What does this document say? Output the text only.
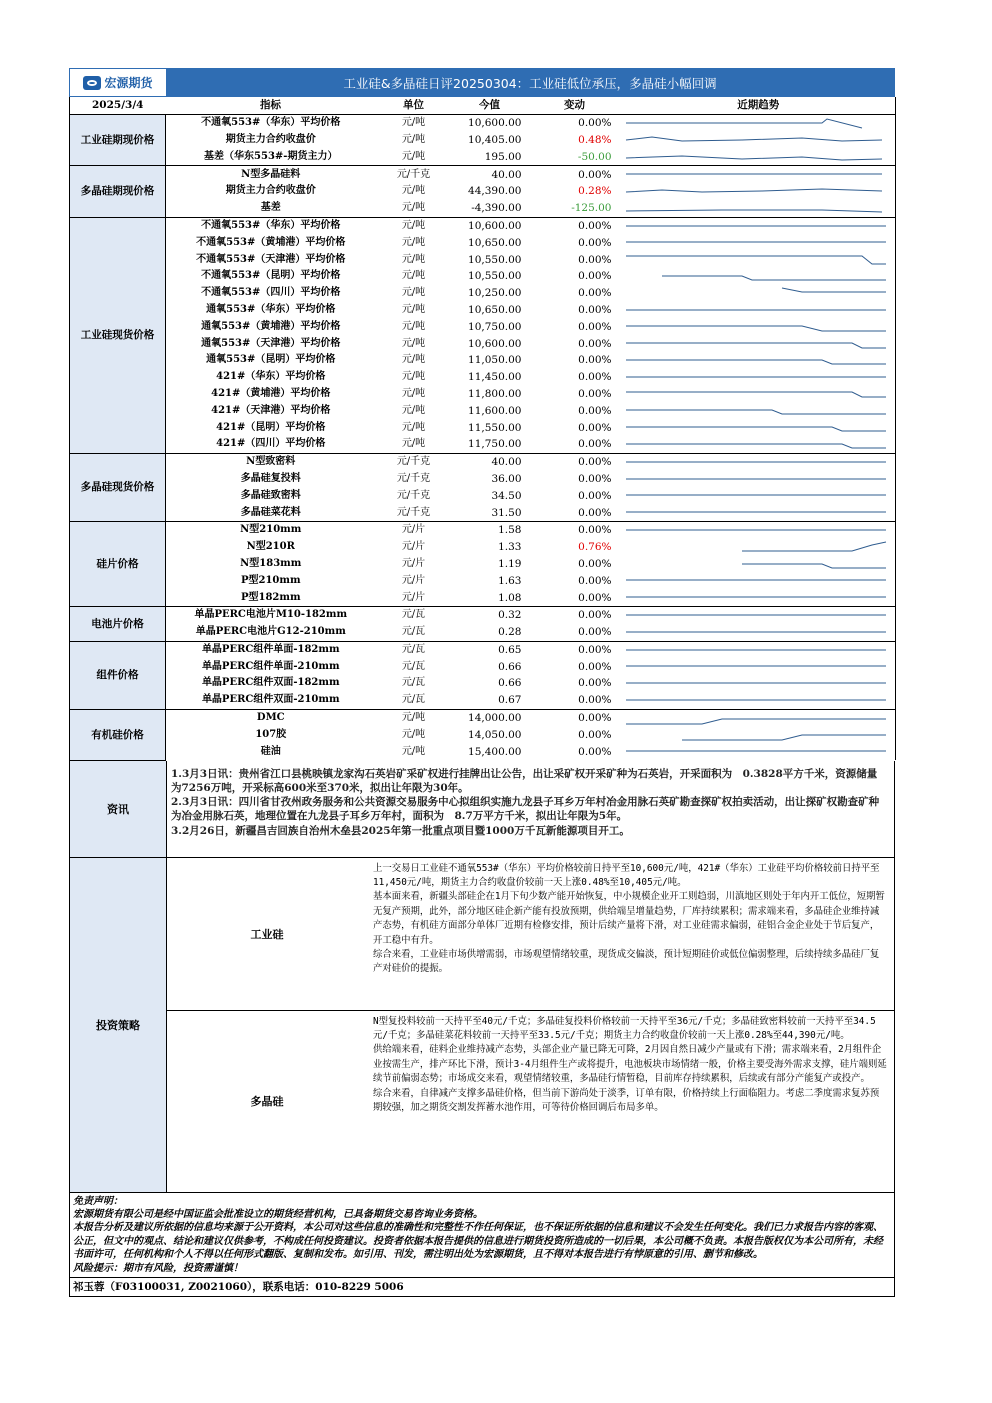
宏源期货	工业硅&多晶硅日评20250304：工业硅低位承压，多晶硅小幅回调
2025/3/4	指标	单位	今值	变动	近期趋势
工业硅期现价格	不通氧553#（华东）平均价格	元/吨	10,600.00	0.00%	

	期货主力合约收盘价	元/吨	10,405.00	0.48%	

	基差（华东553#-期货主力）	元/吨	195.00	-50.00	

多晶硅期现价格	N型多晶硅料	元/千克	40.00	0.00%	

	期货主力合约收盘价	元/吨	44,390.00	0.28%	

	基差	元/吨	-4,390.00	-125.00	

工业硅现货价格	不通氧553#（华东）平均价格	元/吨	10,600.00	0.00%	

	不通氧553#（黄埔港）平均价格	元/吨	10,650.00	0.00%	

	不通氧553#（天津港）平均价格	元/吨	10,550.00	0.00%	

	不通氧553#（昆明）平均价格	元/吨	10,550.00	0.00%	

	不通氧553#（四川）平均价格	元/吨	10,250.00	0.00%	

	通氧553#（华东）平均价格	元/吨	10,650.00	0.00%	

	通氧553#（黄埔港）平均价格	元/吨	10,750.00	0.00%	

	通氧553#（天津港）平均价格	元/吨	10,600.00	0.00%	

	通氧553#（昆明）平均价格	元/吨	11,050.00	0.00%	

	421#（华东）平均价格	元/吨	11,450.00	0.00%	

	421#（黄埔港）平均价格	元/吨	11,800.00	0.00%	

	421#（天津港）平均价格	元/吨	11,600.00	0.00%	

	421#（昆明）平均价格	元/吨	11,550.00	0.00%	

	421#（四川）平均价格	元/吨	11,750.00	0.00%	

多晶硅现货价格	N型致密料	元/千克	40.00	0.00%	

	多晶硅复投料	元/千克	36.00	0.00%	

	多晶硅致密料	元/千克	34.50	0.00%	

	多晶硅菜花料	元/千克	31.50	0.00%	

硅片价格	N型210mm	元/片	1.58	0.00%	

	N型210R	元/片	1.33	0.76%	

	N型183mm	元/片	1.19	0.00%	

	P型210mm	元/片	1.63	0.00%	

	P型182mm	元/片	1.08	0.00%	

电池片价格	单晶PERC电池片M10-182mm	元/瓦	0.32	0.00%	

	单晶PERC电池片G12-210mm	元/瓦	0.28	0.00%	

组件价格	单晶PERC组件单面-182mm	元/瓦	0.65	0.00%	

	单晶PERC组件单面-210mm	元/瓦	0.66	0.00%	

	单晶PERC组件双面-182mm	元/瓦	0.66	0.00%	

	单晶PERC组件双面-210mm	元/瓦	0.67	0.00%	

有机硅价格	DMC	元/吨	14,000.00	0.00%	

	107胶	元/吨	14,050.00	0.00%	

	硅油	元/吨	15,400.00	0.00%	
资讯
1.3月3日讯：贵州省江口县桃映镇龙家沟石英岩矿采矿权进行挂牌出让公告，出让采矿权开采矿种为石英岩，开采面积为　0.3828平方千米，资源储量为7256万吨，开采标高600米至370米，拟出让年限为30年。
2.3月3日讯：四川省甘孜州政务服务和公共资源交易服务中心拟组织实施九龙县子耳乡万年村冶金用脉石英矿勘查探矿权拍卖活动，出让探矿权勘查矿种为冶金用脉石英，地理位置在九龙县子耳乡万年村，面积为　8.7万平方千米，拟出让年限为5年。
3.2月26日，新疆昌吉回族自治州木垒县2025年第一批重点项目暨1000万千瓦新能源项目开工。
投资策略
工业硅
上一交易日工业硅不通氧553#（华东）平均价格较前日持平至10,600元/吨，421#（华东）工业硅平均价格较前日持平至11,450元/吨，期货主力合约收盘价较前一天上涨0.48%至10,405元/吨。
基本面来看，新疆头部硅企在1月下旬少数产能开始恢复，中小规模企业开工则趋弱，川滇地区则处于年内开工低位，短期暂无复产预期，此外，部分地区硅企新产能有投放预期，供给端呈增量趋势，厂库持续累积；需求端来看，多晶硅企业维持减产态势，有机硅方面部分单体厂近期有检修安排，预计后续产量将下滑，对工业硅需求偏弱，硅铝合金企业处于节后复产，开工稳中有升。
综合来看，工业硅市场供增需弱，市场观望情绪较重，现货成交偏淡，预计短期硅价或低位偏弱整理，后续持续多晶硅厂复产对硅价的提振。
多晶硅
N型复投料较前一天持平至40元/千克；多晶硅复投料价格较前一天持平至36元/千克；多晶硅致密料较前一天持平至34.5元/千克；多晶硅菜花料较前一天持平至33.5元/千克；期货主力合约收盘价较前一天上涨0.28%至44,390元/吨。
供给端来看，硅料企业维持减产态势，头部企业产量已降无可降，2月因自然日减少产量或有下滑；需求端来看，2月组件企业按需生产，排产环比下滑，预计3-4月组件生产或将提升，电池板块市场情绪一般，价格主要受海外需求支撑，硅片端则延续节前偏弱态势；市场成交来看，观望情绪较重，多晶硅行情暂稳，目前库存持续累积，后续或有部分产能复产或投产。
综合来看，自律减产支撑多晶硅价格，但当前下游尚处于淡季，订单有限，价格持续上行面临阻力。考虑二季度需求复苏预期较强，加之期货交割发挥蓄水池作用，可等待价格回调后布局多单。
免责声明：
宏源期货有限公司是经中国证监会批准设立的期货经营机构，已具备期货交易咨询业务资格。
本报告分析及建议所依据的信息均来源于公开资料，本公司对这些信息的准确性和完整性不作任何保证，也不保证所依据的信息和建议不会发生任何变化。我们已力求报告内容的客观、公正，但文中的观点、结论和建议仅供参考，不构成任何投资建议。投资者依据本报告提供的信息进行期货投资所造成的一切后果，本公司概不负责。本报告版权仅为本公司所有，未经书面许可，任何机构和个人不得以任何形式翻版、复制和发布。如引用、刊发，需注明出处为宏源期货，且不得对本报告进行有悖原意的引用、删节和修改。
风险提示：期市有风险，投资需谨慎！
祁玉蓉（F03100031, Z0021060），联系电话：010-8229 5006
